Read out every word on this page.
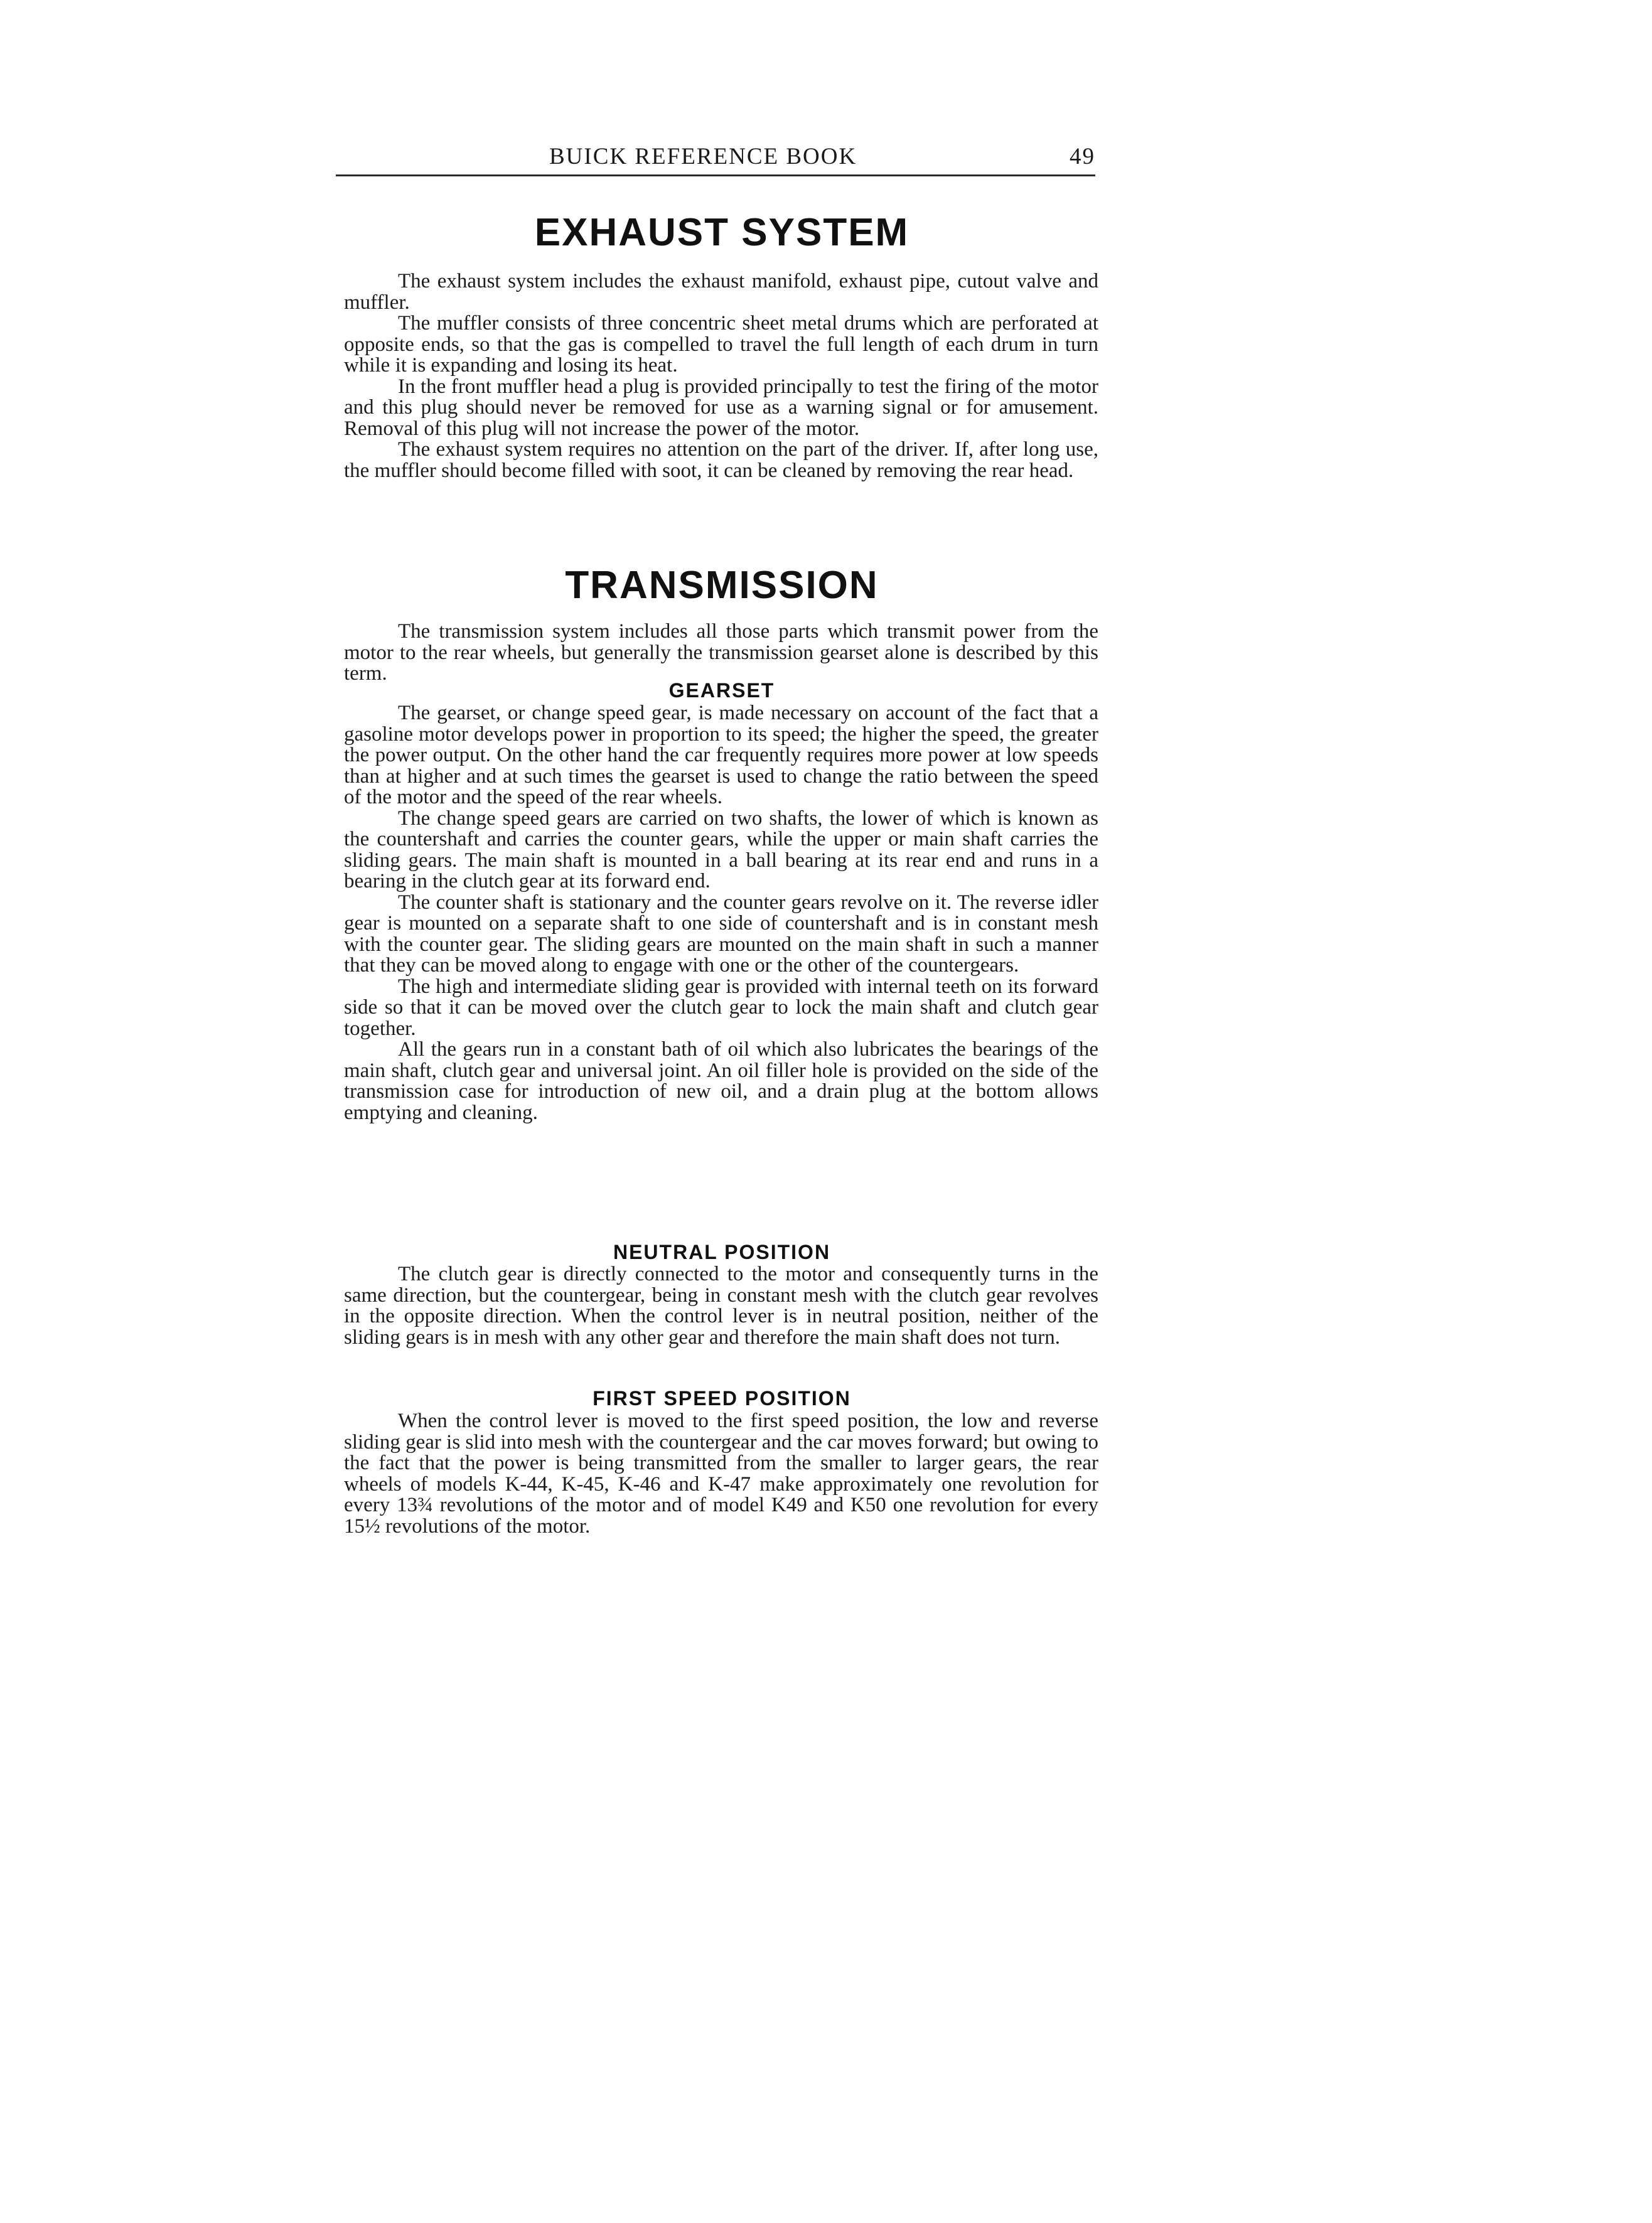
BUICK REFERENCE BOOK	49
EXHAUST SYSTEM

The exhaust system includes the exhaust manifold, exhaust pipe, cutout valve and muffler.

The muffler consists of three concentric sheet metal drums which are perforated at opposite ends, so that the gas is compelled to travel the full length of each drum in turn while it is expanding and losing its heat.

In the front muffler head a plug is provided principally to test the firing of the motor and this plug should never be removed for use as a warning signal or for amusement. Removal of this plug will not increase the power of the motor.

The exhaust system requires no attention on the part of the driver. If, after long use, the muffler should become filled with soot, it can be cleaned by removing the rear head.

TRANSMISSION

The transmission system includes all those parts which transmit power from the motor to the rear wheels, but generally the transmission gearset alone is described by this term.

GEARSET

The gearset, or change speed gear, is made necessary on account of the fact that a gasoline motor develops power in proportion to its speed; the higher the speed, the greater the power output. On the other hand the car frequently requires more power at low speeds than at higher and at such times the gearset is used to change the ratio between the speed of the motor and the speed of the rear wheels.

The change speed gears are carried on two shafts, the lower of which is known as the countershaft and carries the counter gears, while the upper or main shaft carries the sliding gears. The main shaft is mounted in a ball bearing at its rear end and runs in a bearing in the clutch gear at its forward end.

The counter shaft is stationary and the counter gears revolve on it. The reverse idler gear is mounted on a separate shaft to one side of countershaft and is in constant mesh with the counter gear. The sliding gears are mounted on the main shaft in such a manner that they can be moved along to engage with one or the other of the countergears.

The high and intermediate sliding gear is provided with internal teeth on its forward side so that it can be moved over the clutch gear to lock the main shaft and clutch gear together.

All the gears run in a constant bath of oil which also lubricates the bearings of the main shaft, clutch gear and universal joint. An oil filler hole is provided on the side of the transmission case for introduction of new oil, and a drain plug at the bottom allows emptying and cleaning.

NEUTRAL POSITION

The clutch gear is directly connected to the motor and consequently turns in the same direction, but the countergear, being in constant mesh with the clutch gear revolves in the opposite direction. When the control lever is in neutral position, neither of the sliding gears is in mesh with any other gear and therefore the main shaft does not turn.

FIRST SPEED POSITION

When the control lever is moved to the first speed position, the low and reverse sliding gear is slid into mesh with the countergear and the car moves forward; but owing to the fact that the power is being transmitted from the smaller to larger gears, the rear wheels of models K-44, K-45, K-46 and K-47 make approximately one revolution for every 13¾ revolutions of the motor and of model K49 and K50 one revolution for every 15½ revolutions of the motor.
